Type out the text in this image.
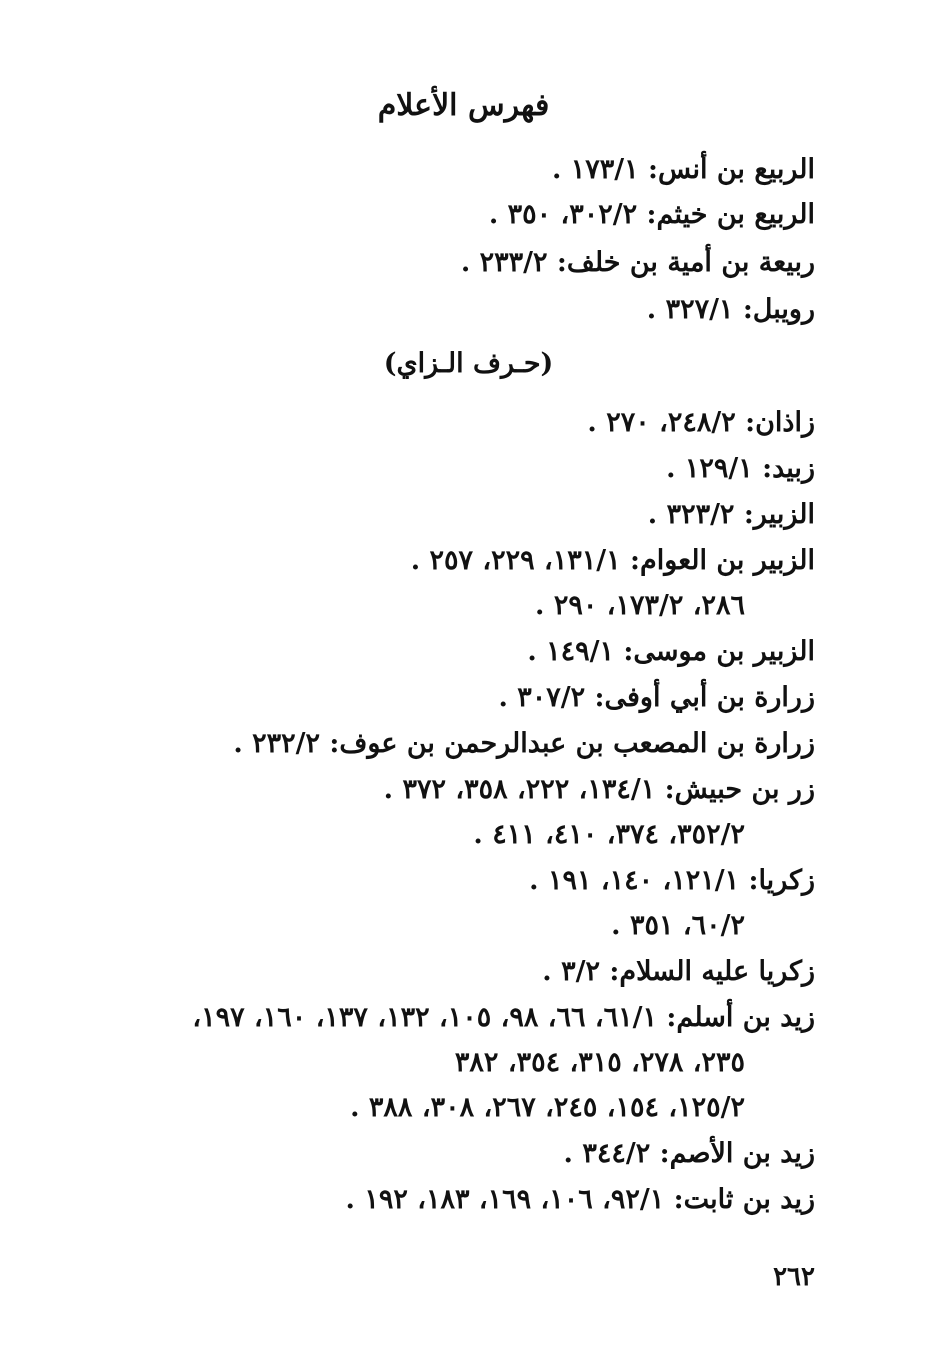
فهرس الأعلام
الربيع بن أنس: ١٧٣/١ .
الربيع بن خيثم: ٣٠٢/٢، ٣٥٠ .
ربيعة بن أمية بن خلف: ٢٣٣/٢ .
رويبل: ٣٢٧/١ .
(حـرف الـزاي)
زاذان: ٢٤٨/٢، ٢٧٠ .
زبيد: ١٢٩/١ .
الزبير: ٣٢٣/٢ .
الزبير بن العوام: ١٣١/١، ٢٢٩، ٢٥٧ .
٢٨٦، ١٧٣/٢، ٢٩٠ .
الزبير بن موسى: ١٤٩/١ .
زرارة بن أبي أوفى: ٣٠٧/٢ .
زرارة بن المصعب بن عبدالرحمن بن عوف: ٢٣٢/٢ .
زر بن حبيش: ١٣٤/١، ٢٢٢، ٣٥٨، ٣٧٢ .
٣٥٢/٢، ٣٧٤، ٤١٠، ٤١١ .
زكريا: ١٢١/١، ١٤٠، ١٩١ .
٦٠/٢، ٣٥١ .
زكريا عليه السلام: ٣/٢ .
زيد بن أسلم: ٦١/١، ٦٦، ٩٨، ١٠٥، ١٣٢، ١٣٧، ١٦٠، ١٩٧،
٢٣٥، ٢٧٨، ٣١٥، ٣٥٤، ٣٨٢
١٢٥/٢، ١٥٤، ٢٤٥، ٢٦٧، ٣٠٨، ٣٨٨ .
زيد بن الأصم: ٣٤٤/٢ .
زيد بن ثابت: ٩٢/١، ١٠٦، ١٦٩، ١٨٣، ١٩٢ .
٢٦٢
